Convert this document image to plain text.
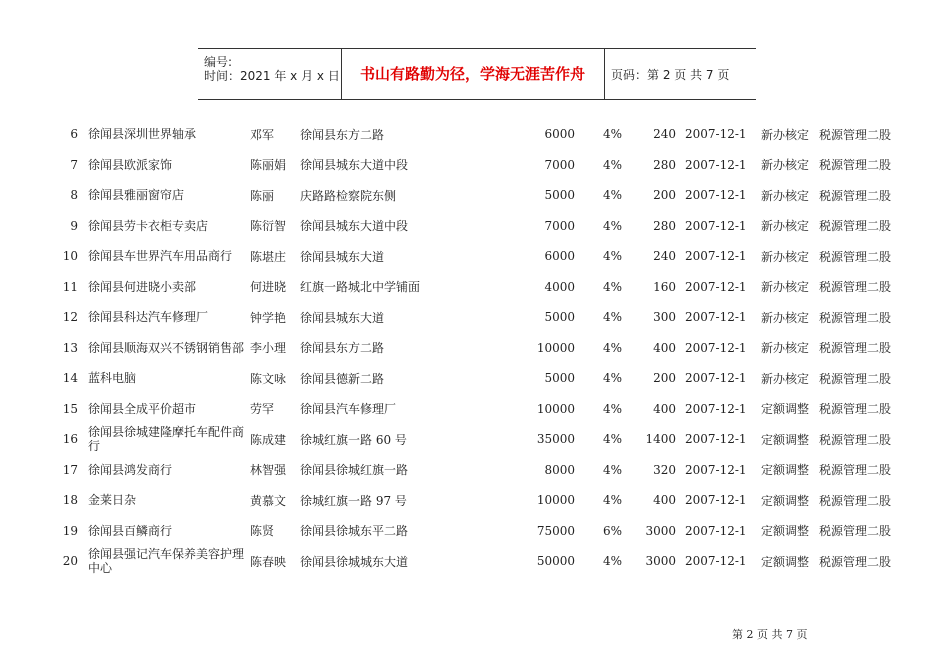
编号:
时间：2021 年 x 月 x 日	书山有路勤为径，学海无涯苦作舟	页码：第 2 页 共 7 页
6 徐闻县深圳世界轴承	邓军	徐闻县东方二路	6000	4%	240 2007-12-1	新办核定 税源管理二股
7 徐闻县欧派家饰	陈丽娟	徐闻县城东大道中段	7000	4%	280 2007-12-1	新办核定 税源管理二股
8 徐闻县雅丽窗帘店	陈丽	庆路路检察院东侧	5000	4%	200 2007-12-1	新办核定 税源管理二股
9 徐闻县劳卡衣柜专卖店	陈衍智	徐闻县城东大道中段	7000	4%	280 2007-12-1	新办核定 税源管理二股
10 徐闻县车世界汽车用品商行	陈堪庄	徐闻县城东大道	6000	4%	240 2007-12-1	新办核定 税源管理二股
11 徐闻县何进晓小卖部	何进晓	红旗一路城北中学铺面	4000	4%	160 2007-12-1	新办核定 税源管理二股
12 徐闻县科达汽车修理厂	钟学艳	徐闻县城东大道	5000	4%	300 2007-12-1	新办核定 税源管理二股
13 徐闻县顺海双兴不锈钢销售部 李小理	徐闻县东方二路	10000	4%	400 2007-12-1	新办核定 税源管理二股
14 蓝科电脑	陈文咏	徐闻县德新二路	5000	4%	200 2007-12-1	新办核定 税源管理二股
15 徐闻县全成平价超市	劳罕	徐闻县汽车修理厂	10000	4%	400 2007-12-1	定额调整 税源管理二股
16 徐闻县徐城建隆摩托车配件商行	陈成建	徐城红旗一路 60 号	35000	4%	1400 2007-12-1	定额调整 税源管理二股
17 徐闻县鸿发商行	林智强	徐闻县徐城红旗一路	8000	4%	320 2007-12-1	定额调整 税源管理二股
18 金莱日杂	黄慕文	徐城红旗一路 97 号	10000	4%	400 2007-12-1	定额调整 税源管理二股
19 徐闻县百鳞商行	陈贤	徐闻县徐城东平二路	75000	6%	3000 2007-12-1	定额调整 税源管理二股
20 徐闻县强记汽车保养美容护理中心	陈春映	徐闻县徐城城东大道	50000	4%	3000 2007-12-1	定额调整 税源管理二股
第 2 页 共 7 页
